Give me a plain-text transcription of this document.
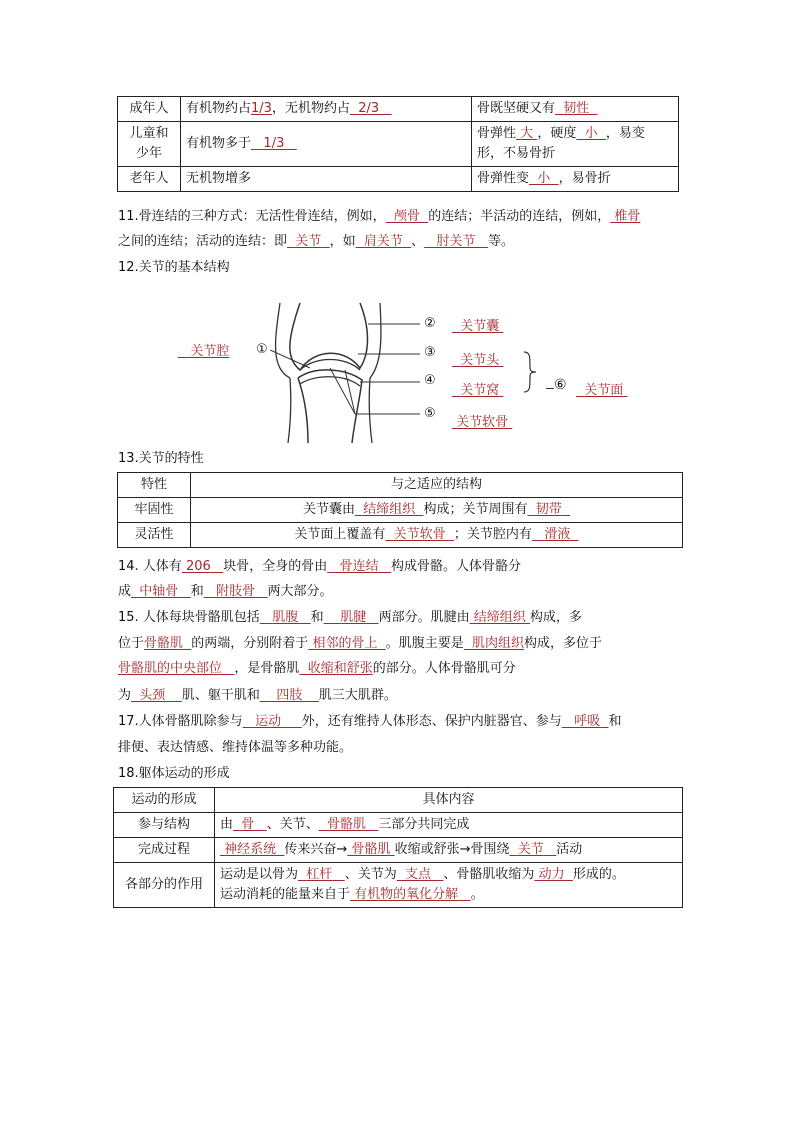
成年人	有机物约占1/3，无机物约占 2/3	骨既坚硬又有 韧性
儿童和
少年	有机物多于 1/3	骨弹性 大 ，硬度 小 ，易变
形，不易骨折
老年人	无机物增多	骨弹性变 小 ，易骨折
11.骨连结的三种方式：无活性骨连结，例如， 颅骨 的连结；半活动的连结，例如， 椎骨
之间的连结；活动的连结：即 关节 ，如 肩关节 、 肘关节 等。
12.关节的基本结构
①
②
③
④
⑤
关节腔
关节囊
关节头
关节窝
关节软骨
⑥	关节面
13.关节的特性
特性	与之适应的结构
牢固性	关节囊由 结缔组织 构成；关节周围有 韧带
灵活性	关节面上覆盖有 关节软骨 ；关节腔内有 滑液
14. 人体有 206 块骨，全身的骨由 骨连结 构成骨骼。人体骨骼分
成 中轴骨 和 附肢骨 两大部分。
15. 人体每块骨骼肌包括 肌腹 和 肌腱 两部分。肌腱由 结缔组织 构成，多
位于骨骼肌 的两端，分别附着于 相邻的骨上 。肌腹主要是 肌肉组织构成，多位于
骨骼肌的中央部位 ，是骨骼肌 收缩和舒张的部分。人体骨骼肌可分
为 头颈 肌、躯干肌和 四肢 肌三大肌群。
17.人体骨骼肌除参与 运动 外，还有维持人体形态、保护内脏器官、参与 呼吸 和
排便、表达情感、维持体温等多种功能。
18.躯体运动的形成
运动的形成	具体内容
参与结构	由 骨 、关节、 骨骼肌 三部分共同完成
完成过程	神经系统 传来兴奋→ 骨骼肌 收缩或舒张→骨围绕 关节 活动
各部分的作用	运动是以骨为 杠杆 、关节为 支点 、骨骼肌收缩为 动力 形成的。
运动消耗的能量来自于 有机物的氧化分解 。
